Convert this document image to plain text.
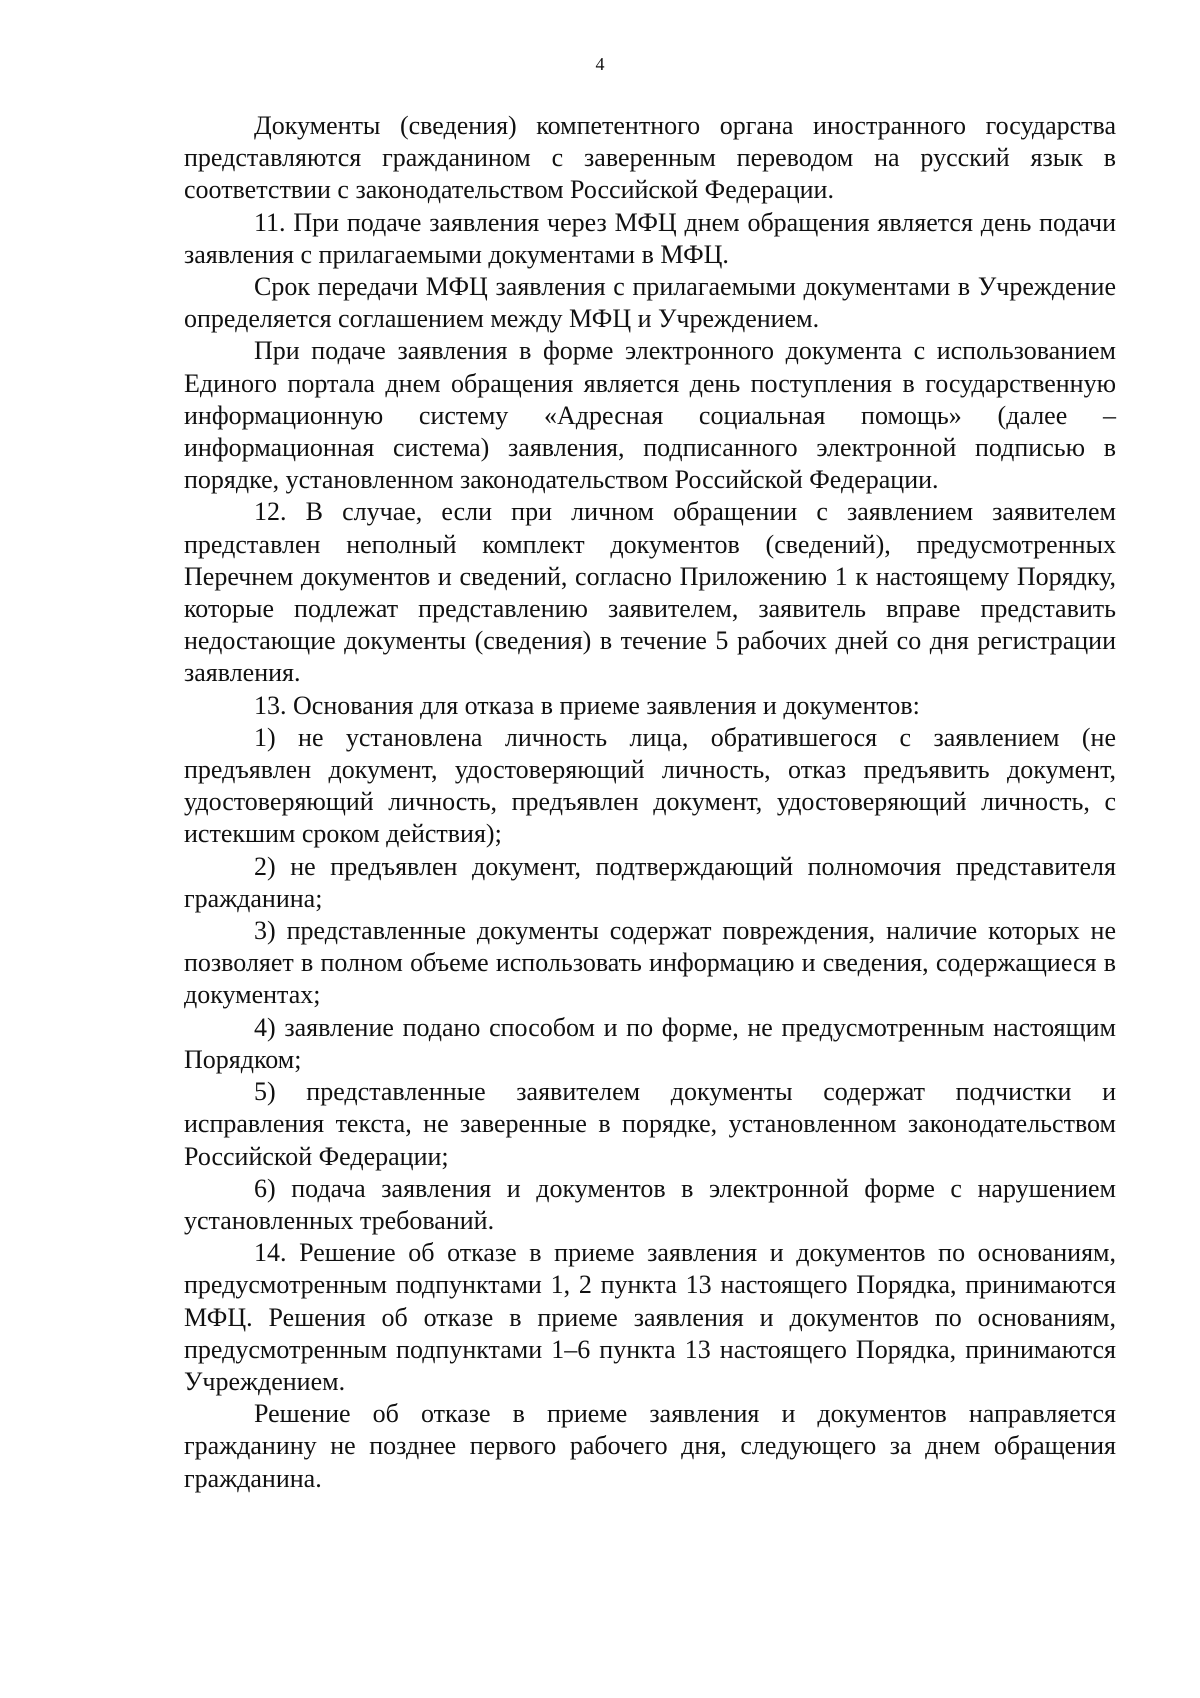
4

Документы (сведения) компетентного органа иностранного государства представляются гражданином с заверенным переводом на русский язык в соответствии с законодательством Российской Федерации.

11. При подаче заявления через МФЦ днем обращения является день подачи заявления с прилагаемыми документами в МФЦ.

Срок передачи МФЦ заявления с прилагаемыми документами в Учреждение определяется соглашением между МФЦ и Учреждением.

При подаче заявления в форме электронного документа с использованием Единого портала днем обращения является день поступления в государственную информационную систему «Адресная социальная помощь» (далее – информационная система) заявления, подписанного электронной подписью в порядке, установленном законодательством Российской Федерации.

12. В случае, если при личном обращении с заявлением заявителем представлен неполный комплект документов (сведений), предусмотренных Перечнем документов и сведений, согласно Приложению 1 к настоящему Порядку, которые подлежат представлению заявителем, заявитель вправе представить недостающие документы (сведения) в течение 5 рабочих дней со дня регистрации заявления.

13. Основания для отказа в приеме заявления и документов:

1) не установлена личность лица, обратившегося с заявлением (не предъявлен документ, удостоверяющий личность, отказ предъявить документ, удостоверяющий личность, предъявлен документ, удостоверяющий личность, с истекшим сроком действия);

2) не предъявлен документ, подтверждающий полномочия представителя гражданина;

3) представленные документы содержат повреждения, наличие которых не позволяет в полном объеме использовать информацию и сведения, содержащиеся в документах;

4) заявление подано способом и по форме, не предусмотренным настоящим Порядком;

5) представленные заявителем документы содержат подчистки и исправления текста, не заверенные в порядке, установленном законодательством Российской Федерации;

6) подача заявления и документов в электронной форме с нарушением установленных требований.

14. Решение об отказе в приеме заявления и документов по основаниям, предусмотренным подпунктами 1, 2 пункта 13 настоящего Порядка, принимаются МФЦ. Решения об отказе в приеме заявления и документов по основаниям, предусмотренным подпунктами 1–6 пункта 13 настоящего Порядка, принимаются Учреждением.

Решение об отказе в приеме заявления и документов направляется гражданину не позднее первого рабочего дня, следующего за днем обращения гражданина.
